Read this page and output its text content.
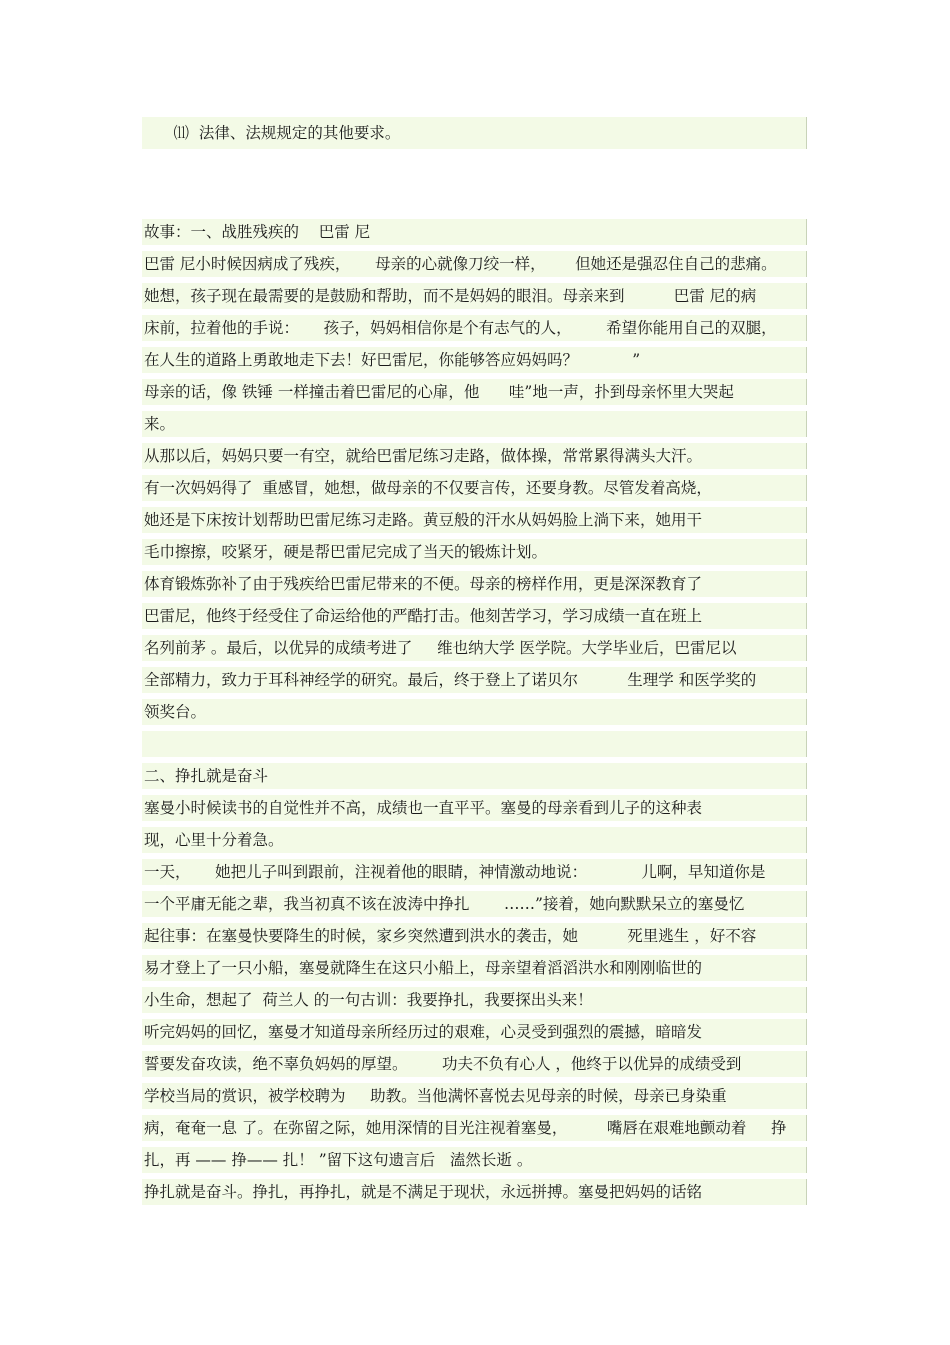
⑾  法律、法规规定的其他要求。
故事：一、战胜残疾的    巴雷 尼
巴雷 尼小时候因病成了残疾，     母亲的心就像刀绞一样，      但她还是强忍住自己的悲痛。
她想，孩子现在最需要的是鼓励和帮助，而不是妈妈的眼泪。母亲来到          巴雷 尼的病
床前，拉着他的手说：     孩子，妈妈相信你是个有志气的人，       希望你能用自己的双腿，
在人生的道路上勇敢地走下去！好巴雷尼，你能够答应妈妈吗？           ”
母亲的话，像 铁锤 一样撞击着巴雷尼的心扉，他      哇”地一声，扑到母亲怀里大哭起
来。
从那以后，妈妈只要一有空，就给巴雷尼练习走路，做体操，常常累得满头大汗。
有一次妈妈得了  重感冒，她想，做母亲的不仅要言传，还要身教。尽管发着高烧，
她还是下床按计划帮助巴雷尼练习走路。黄豆般的汗水从妈妈脸上淌下来，她用干
毛巾擦擦，咬紧牙，硬是帮巴雷尼完成了当天的锻炼计划。
体育锻炼弥补了由于残疾给巴雷尼带来的不便。母亲的榜样作用，更是深深教育了
巴雷尼，他终于经受住了命运给他的严酷打击。他刻苦学习，学习成绩一直在班上
名列前茅 。最后，以优异的成绩考进了     维也纳大学 医学院。大学毕业后，巴雷尼以
全部精力，致力于耳科神经学的研究。最后，终于登上了诺贝尔          生理学 和医学奖的
领奖台。
二、挣扎就是奋斗
塞曼小时候读书的自觉性并不高，成绩也一直平平。塞曼的母亲看到儿子的这种表
现，心里十分着急。
一天，     她把儿子叫到跟前，注视着他的眼睛，神情激动地说：           儿啊，早知道你是
一个平庸无能之辈，我当初真不该在波涛中挣扎       ……”接着，她向默默呆立的塞曼忆
起往事：在塞曼快要降生的时候，家乡突然遭到洪水的袭击，她          死里逃生 ，好不容
易才登上了一只小船，塞曼就降生在这只小船上，母亲望着滔滔洪水和刚刚临世的
小生命，想起了  荷兰人 的一句古训：我要挣扎，我要探出头来！
听完妈妈的回忆，塞曼才知道母亲所经历过的艰难，心灵受到强烈的震撼，暗暗发
誓要发奋攻读，绝不辜负妈妈的厚望。       功夫不负有心人 ，他终于以优异的成绩受到
学校当局的赏识，被学校聘为     助教。当他满怀喜悦去见母亲的时候，母亲已身染重
病，奄奄一息 了。在弥留之际，她用深情的目光注视着塞曼，        嘴唇在艰难地颤动着     挣
扎，再 —— 挣—— 扎！ ”留下这句遗言后   溘然长逝 。
挣扎就是奋斗。挣扎，再挣扎，就是不满足于现状，永远拼搏。塞曼把妈妈的话铭
